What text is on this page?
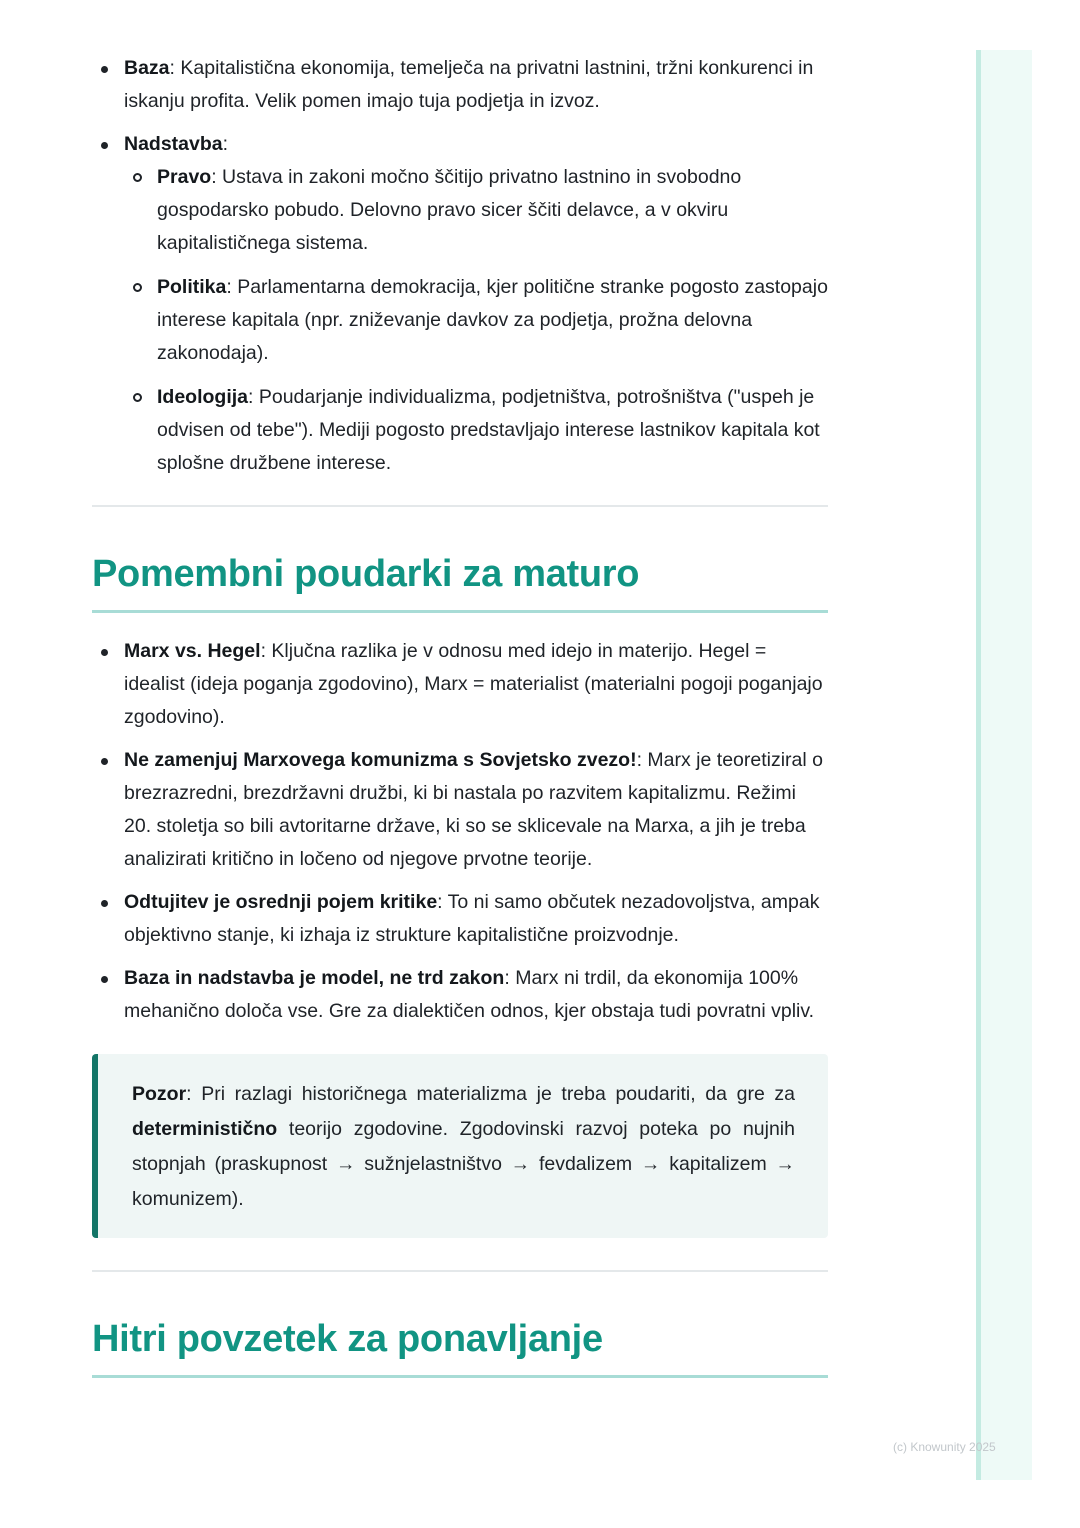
Baza: Kapitalistična ekonomija, temelječa na privatni lastnini, tržni konkurenci in iskanju profita. Velik pomen imajo tuja podjetja in izvoz.
Nadstavba:
Pravo: Ustava in zakoni močno ščitijo privatno lastnino in svobodno gospodarsko pobudo. Delovno pravo sicer ščiti delavce, a v okviru kapitalističnega sistema.
Politika: Parlamentarna demokracija, kjer politične stranke pogosto zastopajo interese kapitala (npr. zniževanje davkov za podjetja, prožna delovna zakonodaja).
Ideologija: Poudarjanje individualizma, podjetništva, potrošništva ("uspeh je odvisen od tebe"). Mediji pogosto predstavljajo interese lastnikov kapitala kot splošne družbene interese.
Pomembni poudarki za maturo
Marx vs. Hegel: Ključna razlika je v odnosu med idejo in materijo. Hegel = idealist (ideja poganja zgodovino), Marx = materialist (materialni pogoji poganjajo zgodovino).
Ne zamenjuj Marxovega komunizma s Sovjetsko zvezo!: Marx je teoretiziral o brezrazredni, brezdržavni družbi, ki bi nastala po razvitem kapitalizmu. Režimi 20. stoletja so bili avtoritarne države, ki so se sklicevale na Marxa, a jih je treba analizirati kritično in ločeno od njegove prvotne teorije.
Odtujitev je osrednji pojem kritike: To ni samo občutek nezadovoljstva, ampak objektivno stanje, ki izhaja iz strukture kapitalistične proizvodnje.
Baza in nadstavba je model, ne trd zakon: Marx ni trdil, da ekonomija 100% mehanično določa vse. Gre za dialektičen odnos, kjer obstaja tudi povratni vpliv.
Pozor: Pri razlagi historičnega materializma je treba poudariti, da gre za deterministično teorijo zgodovine. Zgodovinski razvoj poteka po nujnih stopnjah (praskupnost → sužnjelastništvo → fevdalizem → kapitalizem → komunizem).
Hitri povzetek za ponavljanje
(c) Knowunity 2025
